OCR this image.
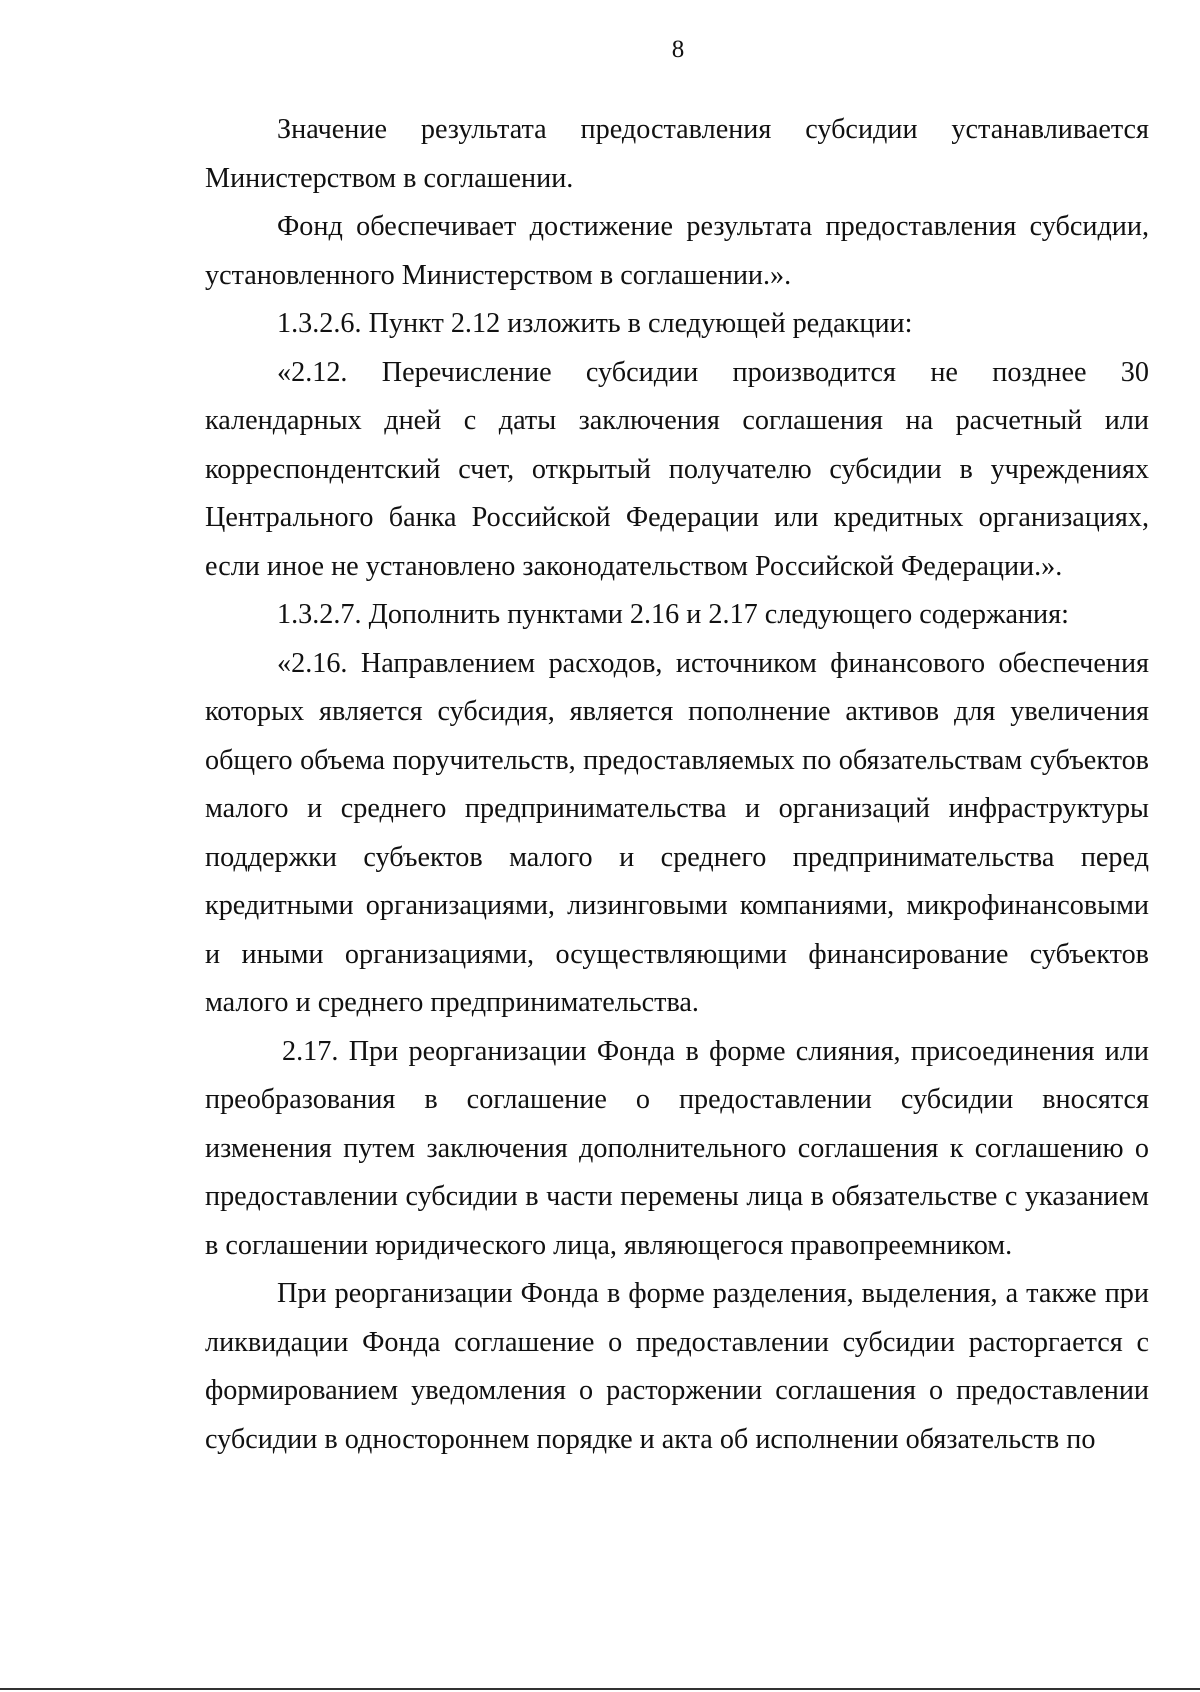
8

Значение результата предоставления субсидии устанавливается Министерством в соглашении.

Фонд обеспечивает достижение результата предоставления субсидии, установленного Министерством в соглашении.».

1.3.2.6. Пункт 2.12 изложить в следующей редакции:

«2.12. Перечисление субсидии производится не позднее 30 календарных дней с даты заключения соглашения на расчетный или корреспондентский счет, открытый получателю субсидии в учреждениях Центрального банка Российской Федерации или кредитных организациях, если иное не установлено законодательством Российской Федерации.».

1.3.2.7. Дополнить пунктами 2.16 и 2.17 следующего содержания:

«2.16. Направлением расходов, источником финансового обеспечения которых является субсидия, является пополнение активов для увеличения общего объема поручительств, предоставляемых по обязательствам субъектов малого и среднего предпринимательства и организаций инфраструктуры поддержки субъектов малого и среднего предпринимательства перед кредитными организациями, лизинговыми компаниями, микрофинансовыми и иными организациями, осуществляющими финансирование субъектов малого и среднего предпринимательства.

2.17. При реорганизации Фонда в форме слияния, присоединения или преобразования в соглашение о предоставлении субсидии вносятся изменения путем заключения дополнительного соглашения к соглашению о предоставлении субсидии в части перемены лица в обязательстве с указанием в соглашении юридического лица, являющегося правопреемником.

При реорганизации Фонда в форме разделения, выделения, а также при ликвидации Фонда соглашение о предоставлении субсидии расторгается с формированием уведомления о расторжении соглашения о предоставлении субсидии в одностороннем порядке и акта об исполнении обязательств по
